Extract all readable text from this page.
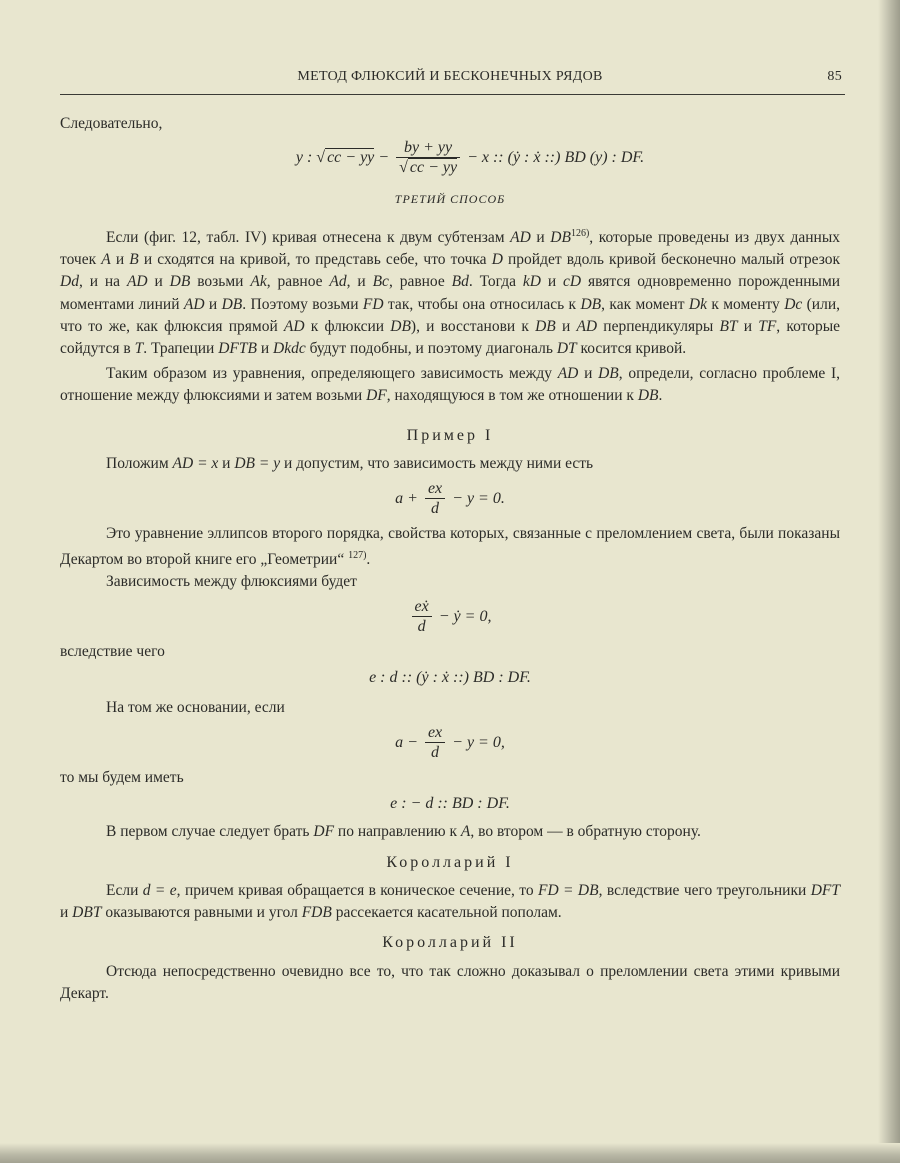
МЕТОД ФЛЮКСИЙ И БЕСКОНЕЧНЫХ РЯДОВ	85

Следовательно,

y : √ cc − yy − $\frac{by + yy}{√ cc - yy} - x$ :: (ẏ : ẋ ::) BD (y) : DF.
ТРЕТИЙ СПОСОБ

Если (фиг. 12, табл. IV) кривая отнесена к двум субтензам AD и DB$^{126)}$, которые проведены из двух данных точек A и B и сходятся на кривой, то представь себе, что точка D пройдет вдоль кривой бесконечно малый отрезок Dd, и на AD и DB возьми Ak, равное Ad, и Bc, равное Bd. Тогда kD и cD явятся одновременно порожденными моментами линий AD и DB. Поэтому возьми FD так, чтобы она относилась к DB, как момент Dk к моменту Dc (или, что то же, как флюксия прямой AD к флюксии DB), и восстанови к DB и AD перпендикуляры BT и TF, которые сойдутся в T. Трапеции DFTB и Dkdc будут подобны, и поэтому диагональ DT косится кривой.

Таким образом из уравнения, определяющего зависимость между AD и DB, определи, согласно проблеме I, отношение между флюксиями и затем возьми DF, находящуюся в том же отношении к DB.

Пример I

Положим AD = x и DB = y и допустим, что зависимость между ними есть

$a + \frac{ex}{d} - y = 0$.

Это уравнение эллипсов второго порядка, свойства которых, связанные с преломлением света, были показаны Декартом во второй книге его „Геометрии“ $^{127)}$.

Зависимость между флюксиями будет

$\frac{\text{eẋ}}{d}$ − ẏ = 0,

вследствие чего

e : d :: (ẏ : ẋ ::) BD : DF.

На том же основании, если

$a - \frac{ex}{d} - y = 0$,

то мы будем иметь

e : − d :: BD : DF.

В первом случае следует брать DF по направлению к A, во втором — в обратную сторону.

Королларий I

Если d = e, причем кривая обращается в коническое сечение, то FD = DB, вследствие чего треугольники DFT и DBT оказываются равными и угол FDB рассекается касательной пополам.

Королларий II

Отсюда непосредственно очевидно все то, что так сложно доказывал о преломлении света этими кривыми Декарт.
